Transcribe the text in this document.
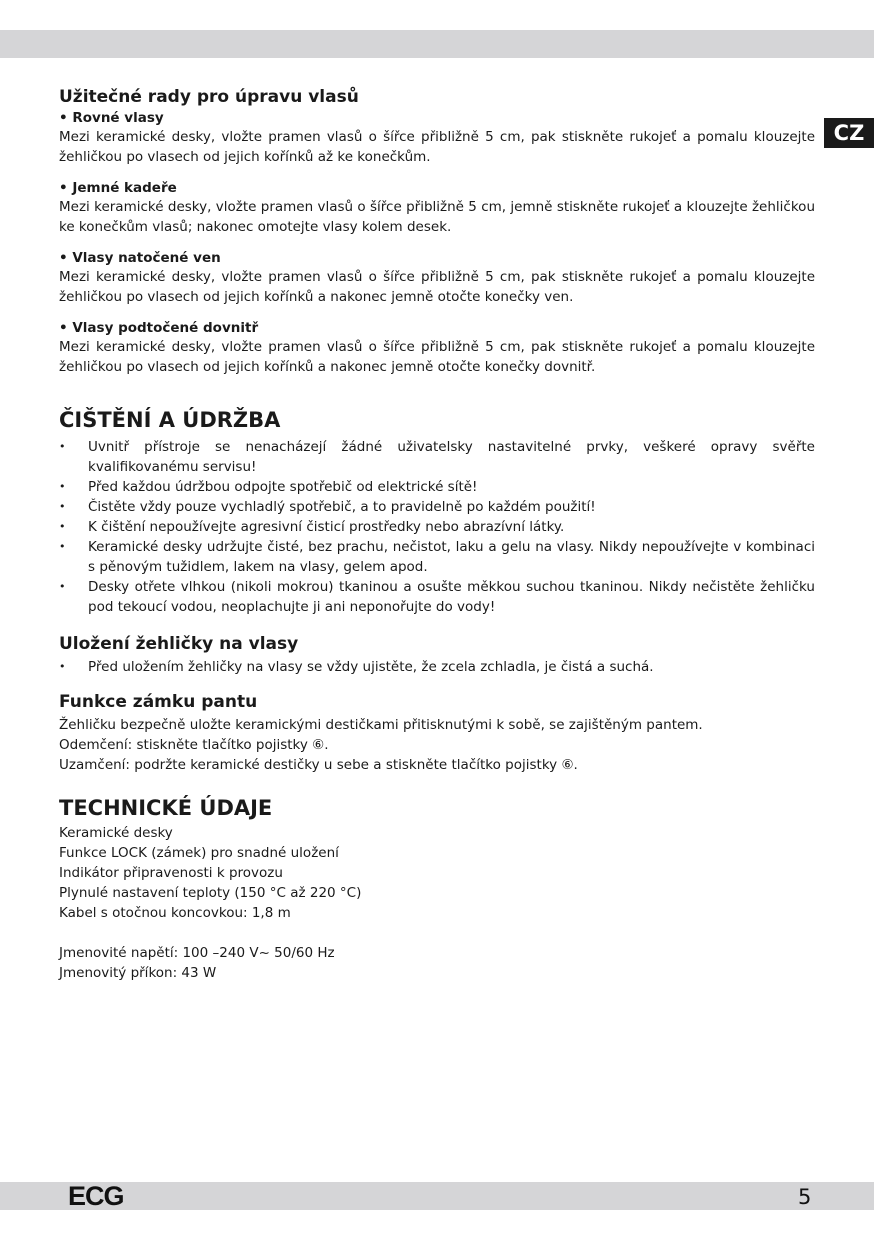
CZ
Užitečné rady pro úpravu vlasů
• Rovné vlasy

Mezi keramické desky, vložte pramen vlasů o šířce přibližně 5 cm, pak stiskněte rukojeť a pomalu klouzejte žehličkou po vlasech od jejich kořínků až ke konečkům.

• Jemné kadeře

Mezi keramické desky, vložte pramen vlasů o šířce přibližně 5 cm, jemně stiskněte rukojeť a klouzejte žehličkou ke konečkům vlasů; nakonec omotejte vlasy kolem desek.

• Vlasy natočené ven

Mezi keramické desky, vložte pramen vlasů o šířce přibližně 5 cm, pak stiskněte rukojeť a pomalu klouzejte žehličkou po vlasech od jejich kořínků a nakonec jemně otočte konečky ven.

• Vlasy podtočené dovnitř

Mezi keramické desky, vložte pramen vlasů o šířce přibližně 5 cm, pak stiskněte rukojeť a pomalu klouzejte žehličkou po vlasech od jejich kořínků a nakonec jemně otočte konečky dovnitř.

ČIŠTĚNÍ A ÚDRŽBA
• Uvnitř přístroje se nenacházejí žádné uživatelsky nastavitelné prvky, veškeré opravy svěřte kvalifikovanému servisu!
• Před každou údržbou odpojte spotřebič od elektrické sítě!
• Čistěte vždy pouze vychladlý spotřebič, a to pravidelně po každém použití!
• K čištění nepoužívejte agresivní čisticí prostředky nebo abrazívní látky.
• Keramické desky udržujte čisté, bez prachu, nečistot, laku a gelu na vlasy. Nikdy nepoužívejte v kombinaci s pěnovým tužidlem, lakem na vlasy, gelem apod.
• Desky otřete vlhkou (nikoli mokrou) tkaninou a osušte měkkou suchou tkaninou. Nikdy nečistěte žehličku pod tekoucí vodou, neoplachujte ji ani neponořujte do vody!
Uložení žehličky na vlasy
• Před uložením žehličky na vlasy se vždy ujistěte, že zcela zchladla, je čistá a suchá.
Funkce zámku pantu
Žehličku bezpečně uložte keramickými destičkami přitisknutými k sobě, se zajištěným pantem.
Odemčení: stiskněte tlačítko pojistky ⑥.
Uzamčení: podržte keramické destičky u sebe a stiskněte tlačítko pojistky ⑥.
TECHNICKÉ ÚDAJE
Keramické desky
Funkce LOCK (zámek) pro snadné uložení
Indikátor připravenosti k provozu
Plynulé nastavení teploty (150 °C až 220 °C)
Kabel s otočnou koncovkou: 1,8 m
Jmenovité napětí: 100 –240 V~ 50/60 Hz
Jmenovitý příkon: 43 W
ECG	5
